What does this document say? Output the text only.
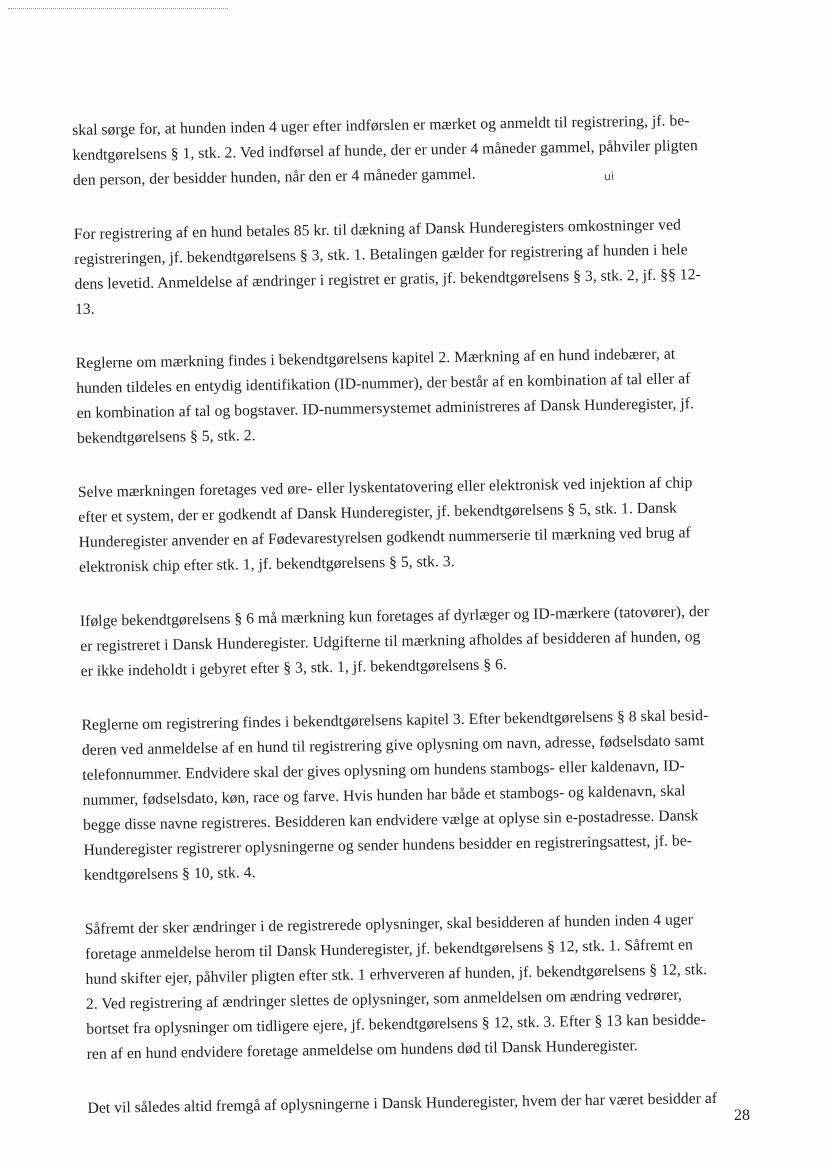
skal sørge for, at hunden inden 4 uger efter indførslen er mærket og anmeldt til registrering, jf. be-
kendtgørelsens § 1, stk. 2. Ved indførsel af hunde, der er under 4 måneder gammel, påhviler pligten
den person, der besidder hunden, når den er 4 måneder gammel.

For registrering af en hund betales 85 kr. til dækning af Dansk Hunderegisters omkostninger ved
registreringen, jf. bekendtgørelsens § 3, stk. 1. Betalingen gælder for registrering af hunden i hele
dens levetid. Anmeldelse af ændringer i registret er gratis, jf. bekendtgørelsens § 3, stk. 2, jf. §§ 12-
13.

Reglerne om mærkning findes i bekendtgørelsens kapitel 2. Mærkning af en hund indebærer, at
hunden tildeles en entydig identifikation (ID-nummer), der består af en kombination af tal eller af
en kombination af tal og bogstaver. ID-nummersystemet administreres af Dansk Hunderegister, jf.
bekendtgørelsens § 5, stk. 2.

Selve mærkningen foretages ved øre- eller lyskentatovering eller elektronisk ved injektion af chip
efter et system, der er godkendt af Dansk Hunderegister, jf. bekendtgørelsens § 5, stk. 1. Dansk
Hunderegister anvender en af Fødevarestyrelsen godkendt nummerserie til mærkning ved brug af
elektronisk chip efter stk. 1, jf. bekendtgørelsens § 5, stk. 3.

Ifølge bekendtgørelsens § 6 må mærkning kun foretages af dyrlæger og ID-mærkere (tatovører), der
er registreret i Dansk Hunderegister. Udgifterne til mærkning afholdes af besidderen af hunden, og
er ikke indeholdt i gebyret efter § 3, stk. 1, jf. bekendtgørelsens § 6.

Reglerne om registrering findes i bekendtgørelsens kapitel 3. Efter bekendtgørelsens § 8 skal besid-
deren ved anmeldelse af en hund til registrering give oplysning om navn, adresse, fødselsdato samt
telefonnummer. Endvidere skal der gives oplysning om hundens stambogs- eller kaldenavn, ID-
nummer, fødselsdato, køn, race og farve. Hvis hunden har både et stambogs- og kaldenavn, skal
begge disse navne registreres. Besidderen kan endvidere vælge at oplyse sin e-postadresse. Dansk
Hunderegister registrerer oplysningerne og sender hundens besidder en registreringsattest, jf. be-
kendtgørelsens § 10, stk. 4.

Såfremt der sker ændringer i de registrerede oplysninger, skal besidderen af hunden inden 4 uger
foretage anmeldelse herom til Dansk Hunderegister, jf. bekendtgørelsens § 12, stk. 1. Såfremt en
hund skifter ejer, påhviler pligten efter stk. 1 erhververen af hunden, jf. bekendtgørelsens § 12, stk.
2. Ved registrering af ændringer slettes de oplysninger, som anmeldelsen om ændring vedrører,
bortset fra oplysninger om tidligere ejere, jf. bekendtgørelsens § 12, stk. 3. Efter § 13 kan besidde-
ren af en hund endvidere foretage anmeldelse om hundens død til Dansk Hunderegister.

Det vil således altid fremgå af oplysningerne i Dansk Hunderegister, hvem der har været besidder af

ui
28
